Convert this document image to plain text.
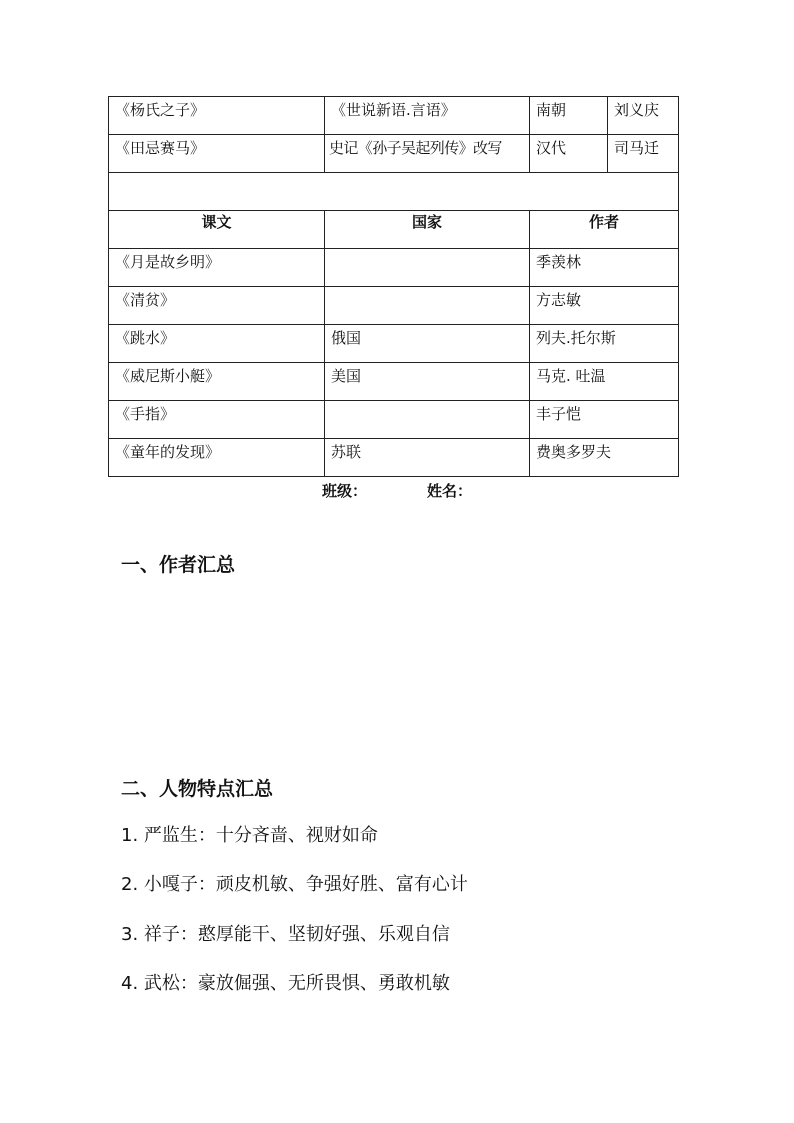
《杨氏之子》	《世说新语.言语》	南朝	刘义庆
《田忌赛马》	史记《孙子吴起列传》改写	汉代	司马迁

课文	国家	作者	
《月是故乡明》		季羡林	
《清贫》		方志敏	
《跳水》	俄国	列夫.托尔斯	
《威尼斯小艇》	美国	马克. 吐温	
《手指》		丰子恺	
《童年的发现》	苏联	费奥多罗夫	
班级：	姓名：
一、作者汇总
二、人物特点汇总
1. 严监生：十分吝啬、视财如命
2. 小嘎子：顽皮机敏、争强好胜、富有心计
3. 祥子：憨厚能干、坚韧好强、乐观自信
4. 武松：豪放倔强、无所畏惧、勇敢机敏
